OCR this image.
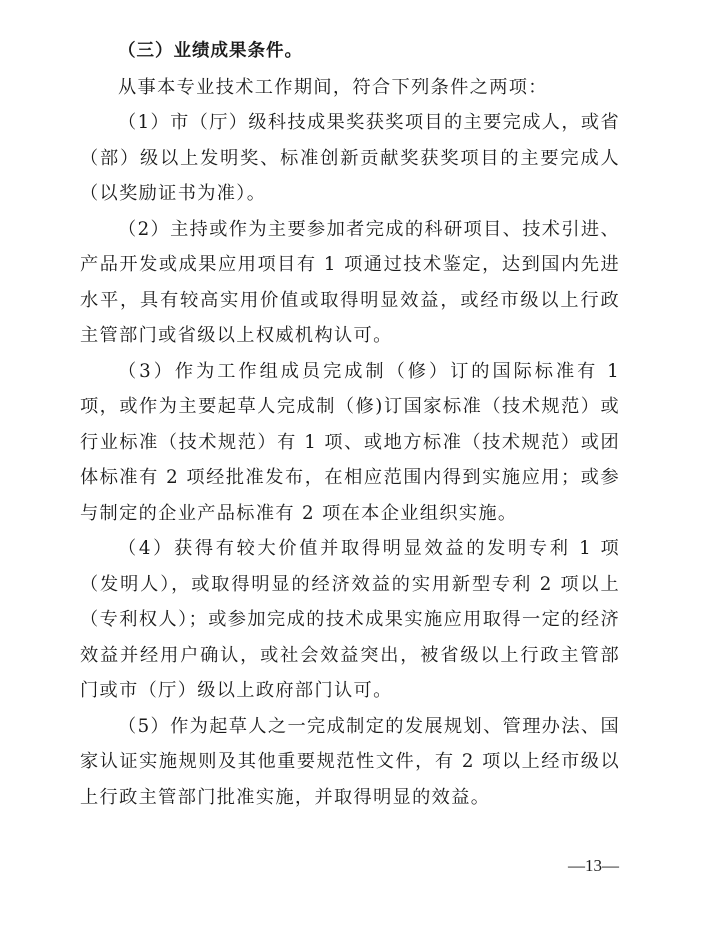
（三）业绩成果条件。

从事本专业技术工作期间，符合下列条件之两项：

（1）市（厅）级科技成果奖获奖项目的主要完成人，或省（部）级以上发明奖、标准创新贡献奖获奖项目的主要完成人（以奖励证书为准）。

（2）主持或作为主要参加者完成的科研项目、技术引进、产品开发或成果应用项目有 1 项通过技术鉴定，达到国内先进水平，具有较高实用价值或取得明显效益，或经市级以上行政主管部门或省级以上权威机构认可。

（3）作为工作组成员完成制（修）订的国际标准有 1 项，或作为主要起草人完成制（修)订国家标准（技术规范）或行业标准（技术规范）有 1 项、或地方标准（技术规范）或团体标准有 2 项经批准发布，在相应范围内得到实施应用；或参与制定的企业产品标准有 2 项在本企业组织实施。

（4）获得有较大价值并取得明显效益的发明专利 1 项（发明人），或取得明显的经济效益的实用新型专利 2 项以上（专利权人）；或参加完成的技术成果实施应用取得一定的经济效益并经用户确认，或社会效益突出，被省级以上行政主管部门或市（厅）级以上政府部门认可。

（5）作为起草人之一完成制定的发展规划、管理办法、国家认证实施规则及其他重要规范性文件，有 2 项以上经市级以上行政主管部门批准实施，并取得明显的效益。

—13—
